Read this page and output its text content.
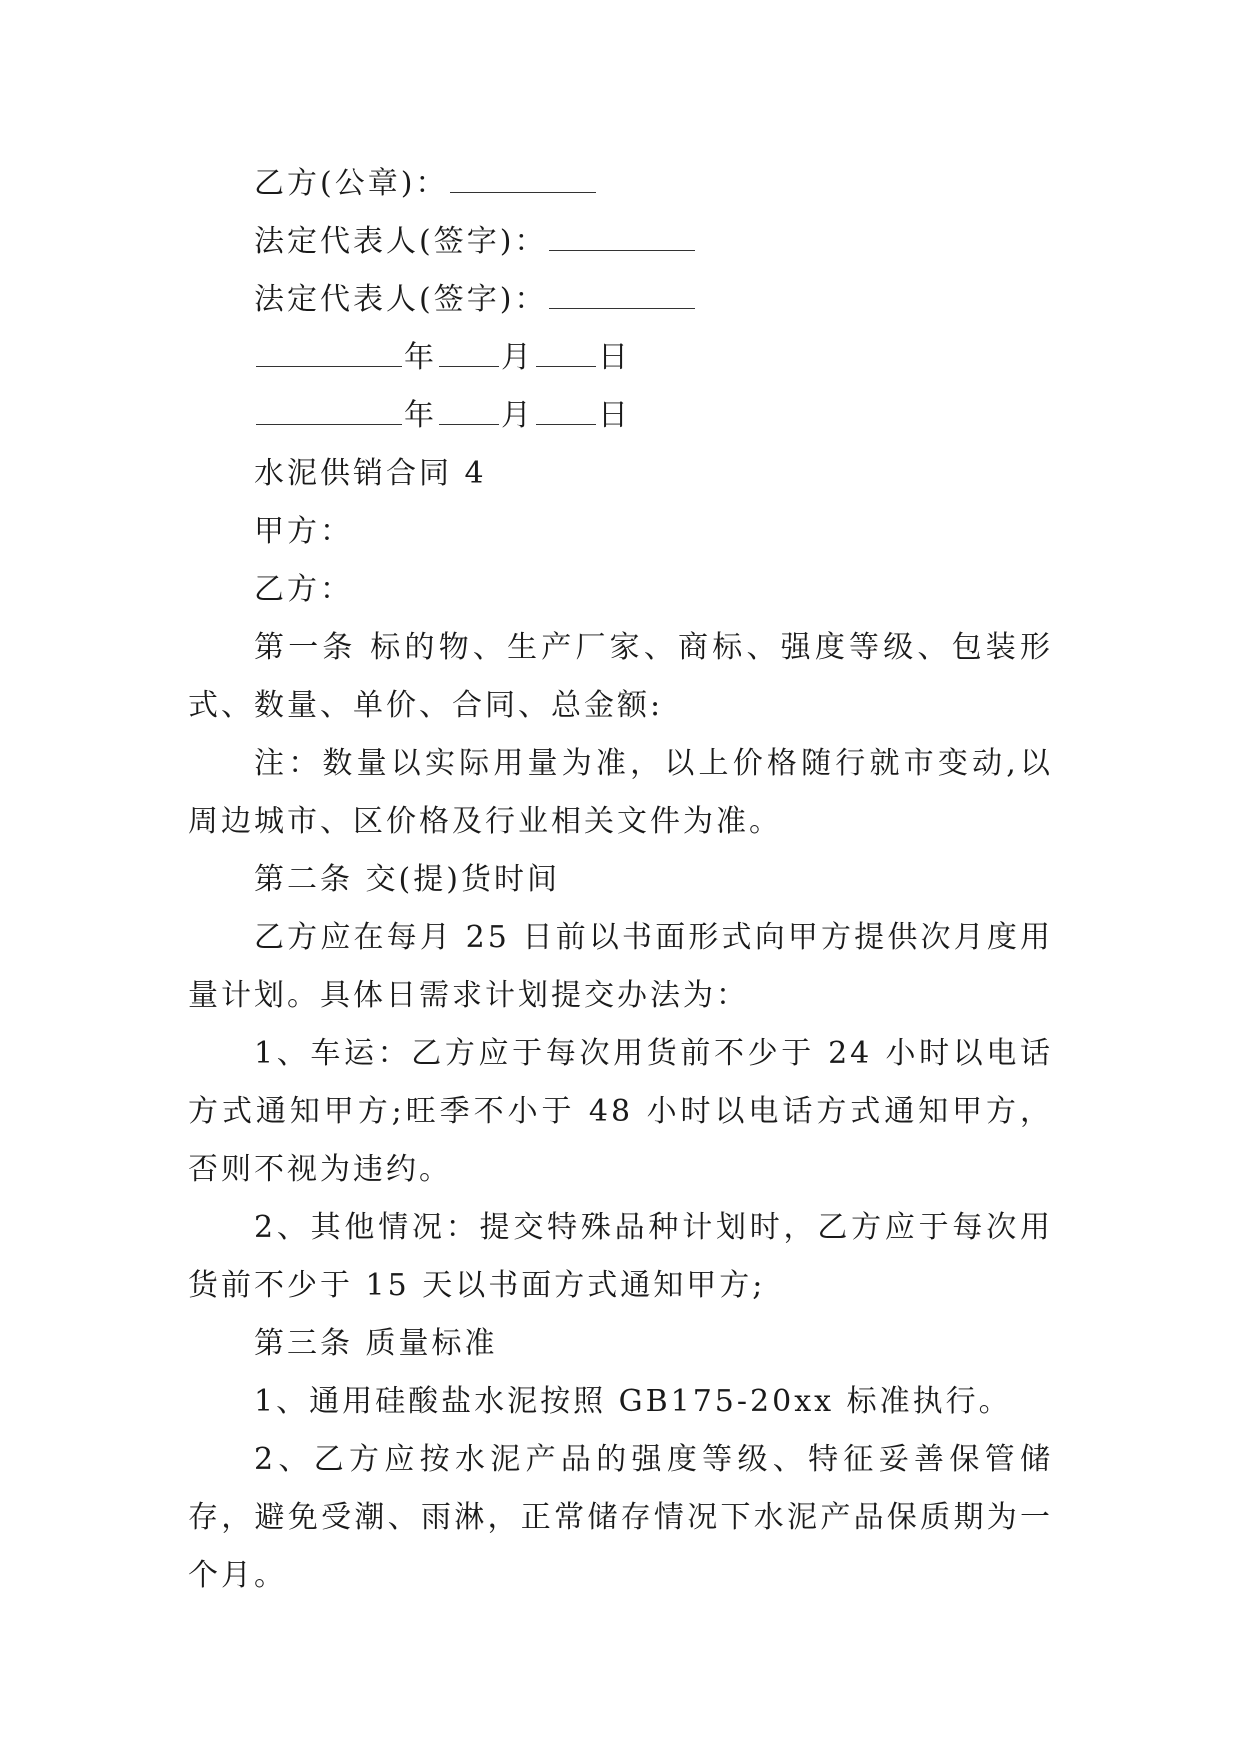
乙方(公章)：
法定代表人(签字)：
法定代表人(签字)：
年 月 日
年 月 日

水泥供销合同 4

甲方：

乙方：

第一条 标的物、生产厂家、商标、强度等级、包装形式、数量、单价、合同、总金额:

注：数量以实际用量为准，以上价格随行就市变动,以周边城市、区价格及行业相关文件为准。

第二条 交(提)货时间

乙方应在每月 25 日前以书面形式向甲方提供次月度用量计划。具体日需求计划提交办法为：

1、车运：乙方应于每次用货前不少于 24 小时以电话方式通知甲方;旺季不小于 48 小时以电话方式通知甲方，否则不视为违约。

2、其他情况：提交特殊品种计划时，乙方应于每次用货前不少于 15 天以书面方式通知甲方;

第三条 质量标准

1、通用硅酸盐水泥按照 GB175-20xx 标准执行。

2、乙方应按水泥产品的强度等级、特征妥善保管储存，避免受潮、雨淋，正常储存情况下水泥产品保质期为一个月。
